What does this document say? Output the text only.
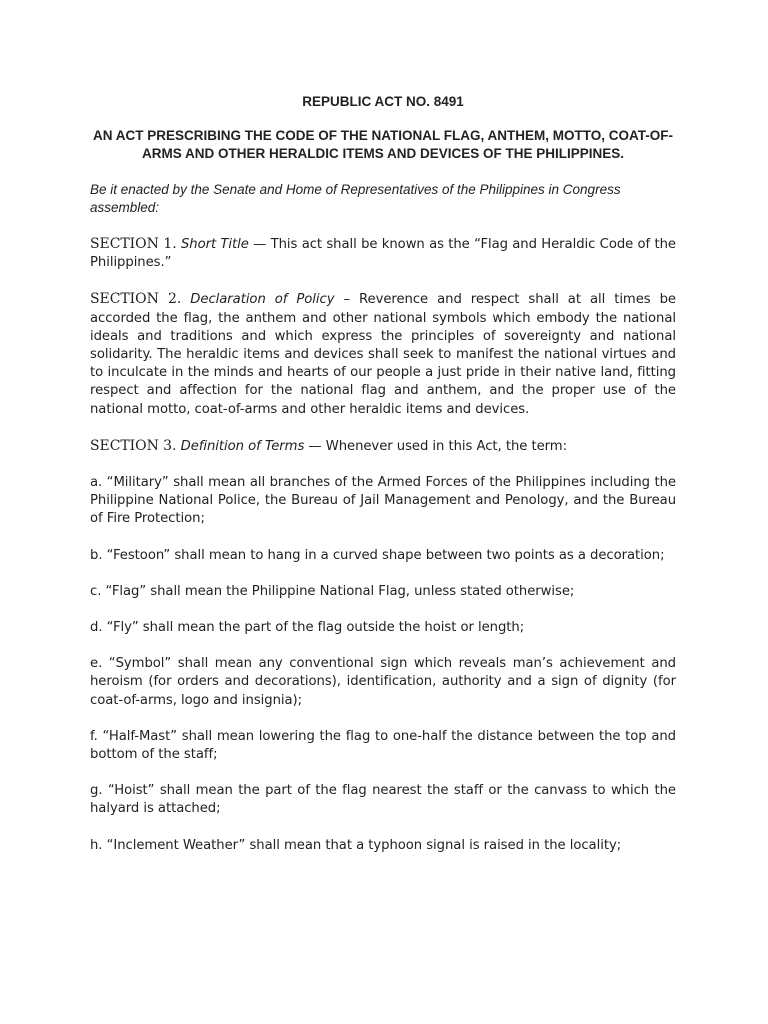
REPUBLIC ACT NO. 8491
AN ACT PRESCRIBING THE CODE OF THE NATIONAL FLAG, ANTHEM, MOTTO, COAT-OF-ARMS AND OTHER HERALDIC ITEMS AND DEVICES OF THE PHILIPPINES.
Be it enacted by the Senate and Home of Representatives of the Philippines in Congress assembled:

SECTION 1. Short Title — This act shall be known as the “Flag and Heraldic Code of the Philippines.”

SECTION 2. Declaration of Policy – Reverence and respect shall at all times be accorded the flag, the anthem and other national symbols which embody the national ideals and traditions and which express the principles of sovereignty and national solidarity. The heraldic items and devices shall seek to manifest the national virtues and to inculcate in the minds and hearts of our people a just pride in their native land, fitting respect and affection for the national flag and anthem, and the proper use of the national motto, coat-of-arms and other heraldic items and devices.

SECTION 3. Definition of Terms — Whenever used in this Act, the term:

a. “Military” shall mean all branches of the Armed Forces of the Philippines including the Philippine National Police, the Bureau of Jail Management and Penology, and the Bureau of Fire Protection;

b. “Festoon” shall mean to hang in a curved shape between two points as a decoration;

c. “Flag” shall mean the Philippine National Flag, unless stated otherwise;

d. “Fly” shall mean the part of the flag outside the hoist or length;

e. “Symbol” shall mean any conventional sign which reveals man’s achievement and heroism (for orders and decorations), identification, authority and a sign of dignity (for coat-of-arms, logo and insignia);

f. “Half-Mast” shall mean lowering the flag to one-half the distance between the top and bottom of the staff;

g. “Hoist” shall mean the part of the flag nearest the staff or the canvass to which the halyard is attached;

h. “Inclement Weather” shall mean that a typhoon signal is raised in the locality;
